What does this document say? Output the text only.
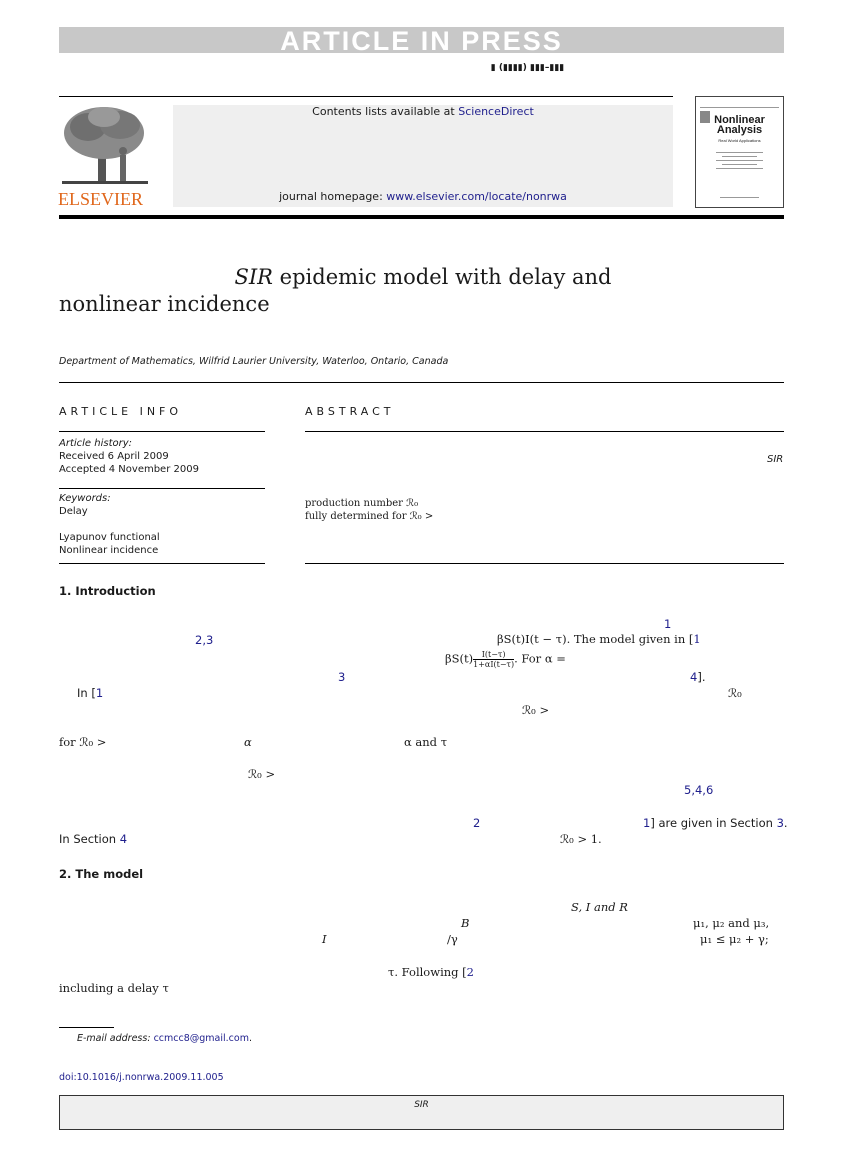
ARTICLE IN PRESS
▮ (▮▮▮▮) ▮▮▮–▮▮▮
Contents lists available at ScienceDirect
journal homepage: www.elsevier.com/locate/nonrwa
ELSEVIER
Nonlinear
Analysis
Real World Applications
SIR epidemic model with delay and
nonlinear incidence
Department of Mathematics, Wilfrid Laurier University, Waterloo, Ontario, Canada
ARTICLE INFO
Article history:
Received 6 April 2009
Accepted 4 November 2009
Keywords:
Delay
Lyapunov functional
Nonlinear incidence
ABSTRACT
SIR
production number ℛ₀
fully determined for ℛ₀ >
1. Introduction
1
2,3	βS(t)I(t − τ). The model given in [1
$\beta S(t) \frac{I(t-\tau)}{1+\alpha I(t-\tau)}$ . For α =
3	4].
In [1	ℛ₀
ℛ₀ >
for ℛ₀ >	α	α and τ
ℛ₀ >
5,4,6
2	1] are given in Section 3.
In Section 4	ℛ₀ > 1.
2. The model
S, I and R
B	μ₁, μ₂ and μ₃,
I	/γ	μ₁ ≤ μ₂ + γ;
τ. Following [2
including a delay τ
E-mail address: ccmcc8@gmail.com.
doi:10.1016/j.nonrwa.2009.11.005
SIR
